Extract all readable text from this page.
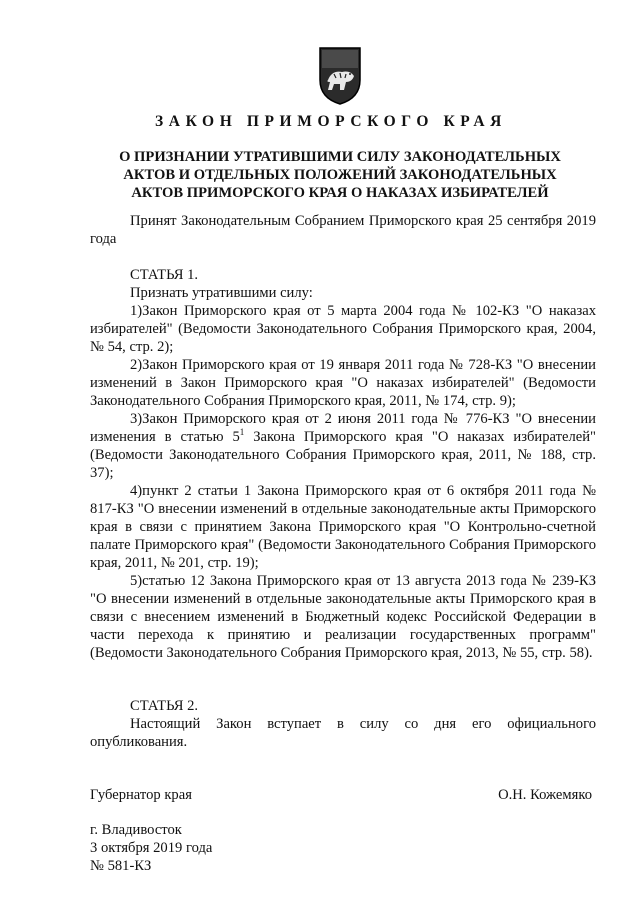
ЗАКОН ПРИМОРСКОГО КРАЯ
О ПРИЗНАНИИ УТРАТИВШИМИ СИЛУ ЗАКОНОДАТЕЛЬНЫХ
АКТОВ И ОТДЕЛЬНЫХ ПОЛОЖЕНИЙ ЗАКОНОДАТЕЛЬНЫХ
АКТОВ ПРИМОРСКОГО КРАЯ О НАКАЗАХ ИЗБИРАТЕЛЕЙ

Принят Законодательным Собранием Приморского края 25 сентября 2019 года

СТАТЬЯ 1.
Признать утратившими силу:

1)Закон Приморского края от 5 марта 2004 года № 102-КЗ "О наказах избирателей" (Ведомости Законодательного Собрания Приморского края, 2004, № 54, стр. 2);

2)Закон Приморского края от 19 января 2011 года № 728-КЗ "О внесении изменений в Закон Приморского края "О наказах избирателей" (Ведомости Законодательного Собрания Приморского края, 2011, № 174, стр. 9);

3)Закон Приморского края от 2 июня 2011 года № 776-КЗ "О внесении изменения в статью $5^1$ Закона Приморского края "О наказах избирателей" (Ведомости Законодательного Собрания Приморского края, 2011, № 188, стр. 37);

4)пункт 2 статьи 1 Закона Приморского края от 6 октября 2011 года № 817-КЗ "О внесении изменений в отдельные законодательные акты Приморского края в связи с принятием Закона Приморского края "О Контрольно-счетной палате Приморского края" (Ведомости Законодательного Собрания Приморского края, 2011, № 201, стр. 19);

5)статью 12 Закона Приморского края от 13 августа 2013 года № 239-КЗ "О внесении изменений в отдельные законодательные акты Приморского края в связи с внесением изменений в Бюджетный кодекс Российской Федерации в части перехода к принятию и реализации государственных программ" (Ведомости Законодательного Собрания Приморского края, 2013, № 55, стр. 58).

СТАТЬЯ 2.

Настоящий Закон вступает в силу со дня его официального опубликования.

Губернатор края	О.Н. Кожемяко
г. Владивосток
3 октября 2019 года
№ 581-КЗ
